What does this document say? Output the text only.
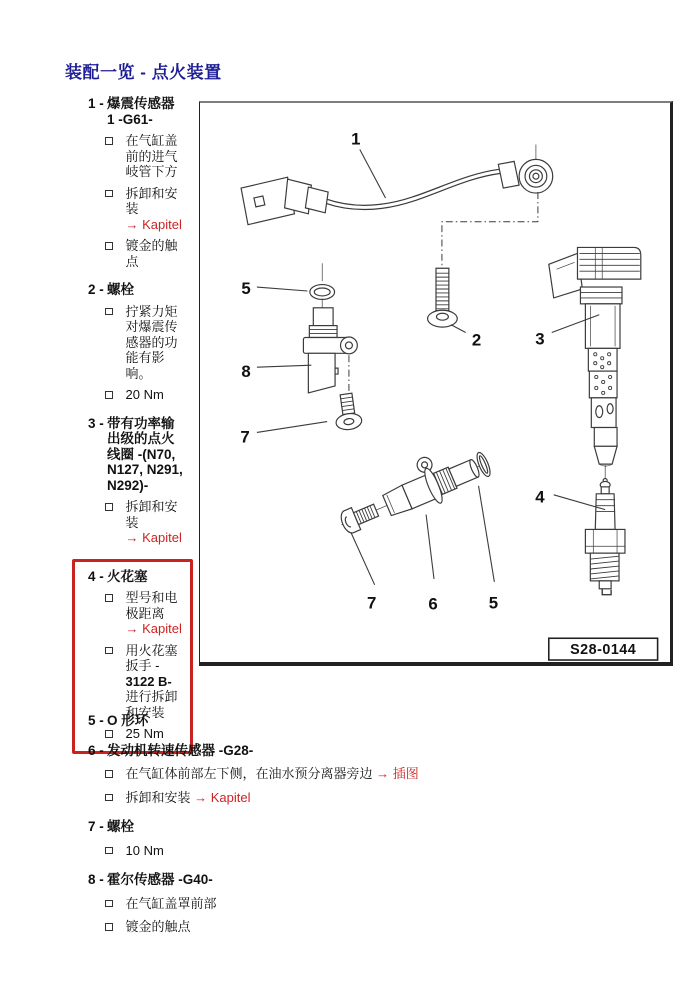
装配一览 - 点火装置
1 - 爆震传感器
1 -G61-
在气缸盖前的进气岐管下方
拆卸和安装 → Kapitel
镀金的触点
2 - 螺栓
拧紧力矩对爆震传感器的功能有影响。
20 Nm
3 - 带有功率输
出级的点火
线圈 -(N70,
N127, N291,
N292)-
拆卸和安装 → Kapitel
4 - 火花塞
型号和电极距离 → Kapitel
用火花塞扳手 - 3122 B- 进行拆卸和安装
25 Nm
1
2	3
4
5
8
7
7	6	5
S28-0144
5 - O 形环
6 - 发动机转速传感器 -G28-
在气缸体前部左下侧，在油水预分离器旁边 → 插图
拆卸和安装 → Kapitel
7 - 螺栓
10 Nm
8 - 霍尔传感器 -G40-
在气缸盖罩前部
镀金的触点
